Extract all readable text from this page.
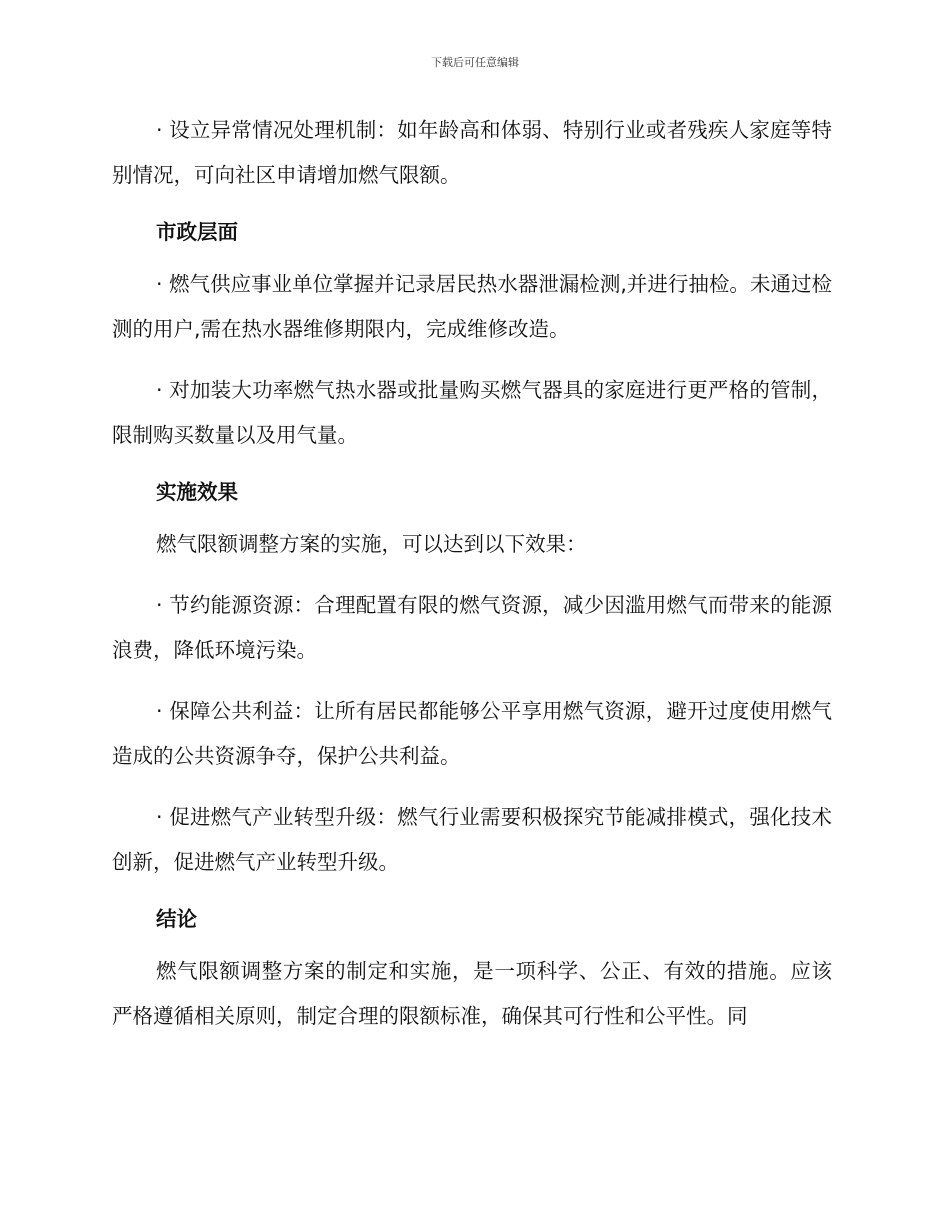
下载后可任意编辑

· 设立异常情况处理机制：如年龄高和体弱、特别行业或者残疾人家庭等特别情况，可向社区申请增加燃气限额。

市政层面

· 燃气供应事业单位掌握并记录居民热水器泄漏检测,并进行抽检。未通过检测的用户,需在热水器维修期限内，完成维修改造。

· 对加装大功率燃气热水器或批量购买燃气器具的家庭进行更严格的管制，限制购买数量以及用气量。

实施效果

燃气限额调整方案的实施，可以达到以下效果：

· 节约能源资源：合理配置有限的燃气资源，减少因滥用燃气而带来的能源浪费，降低环境污染。

· 保障公共利益：让所有居民都能够公平享用燃气资源，避开过度使用燃气造成的公共资源争夺，保护公共利益。

· 促进燃气产业转型升级：燃气行业需要积极探究节能减排模式，强化技术创新，促进燃气产业转型升级。

结论

燃气限额调整方案的制定和实施，是一项科学、公正、有效的措施。应该严格遵循相关原则，制定合理的限额标准，确保其可行性和公平性。同
